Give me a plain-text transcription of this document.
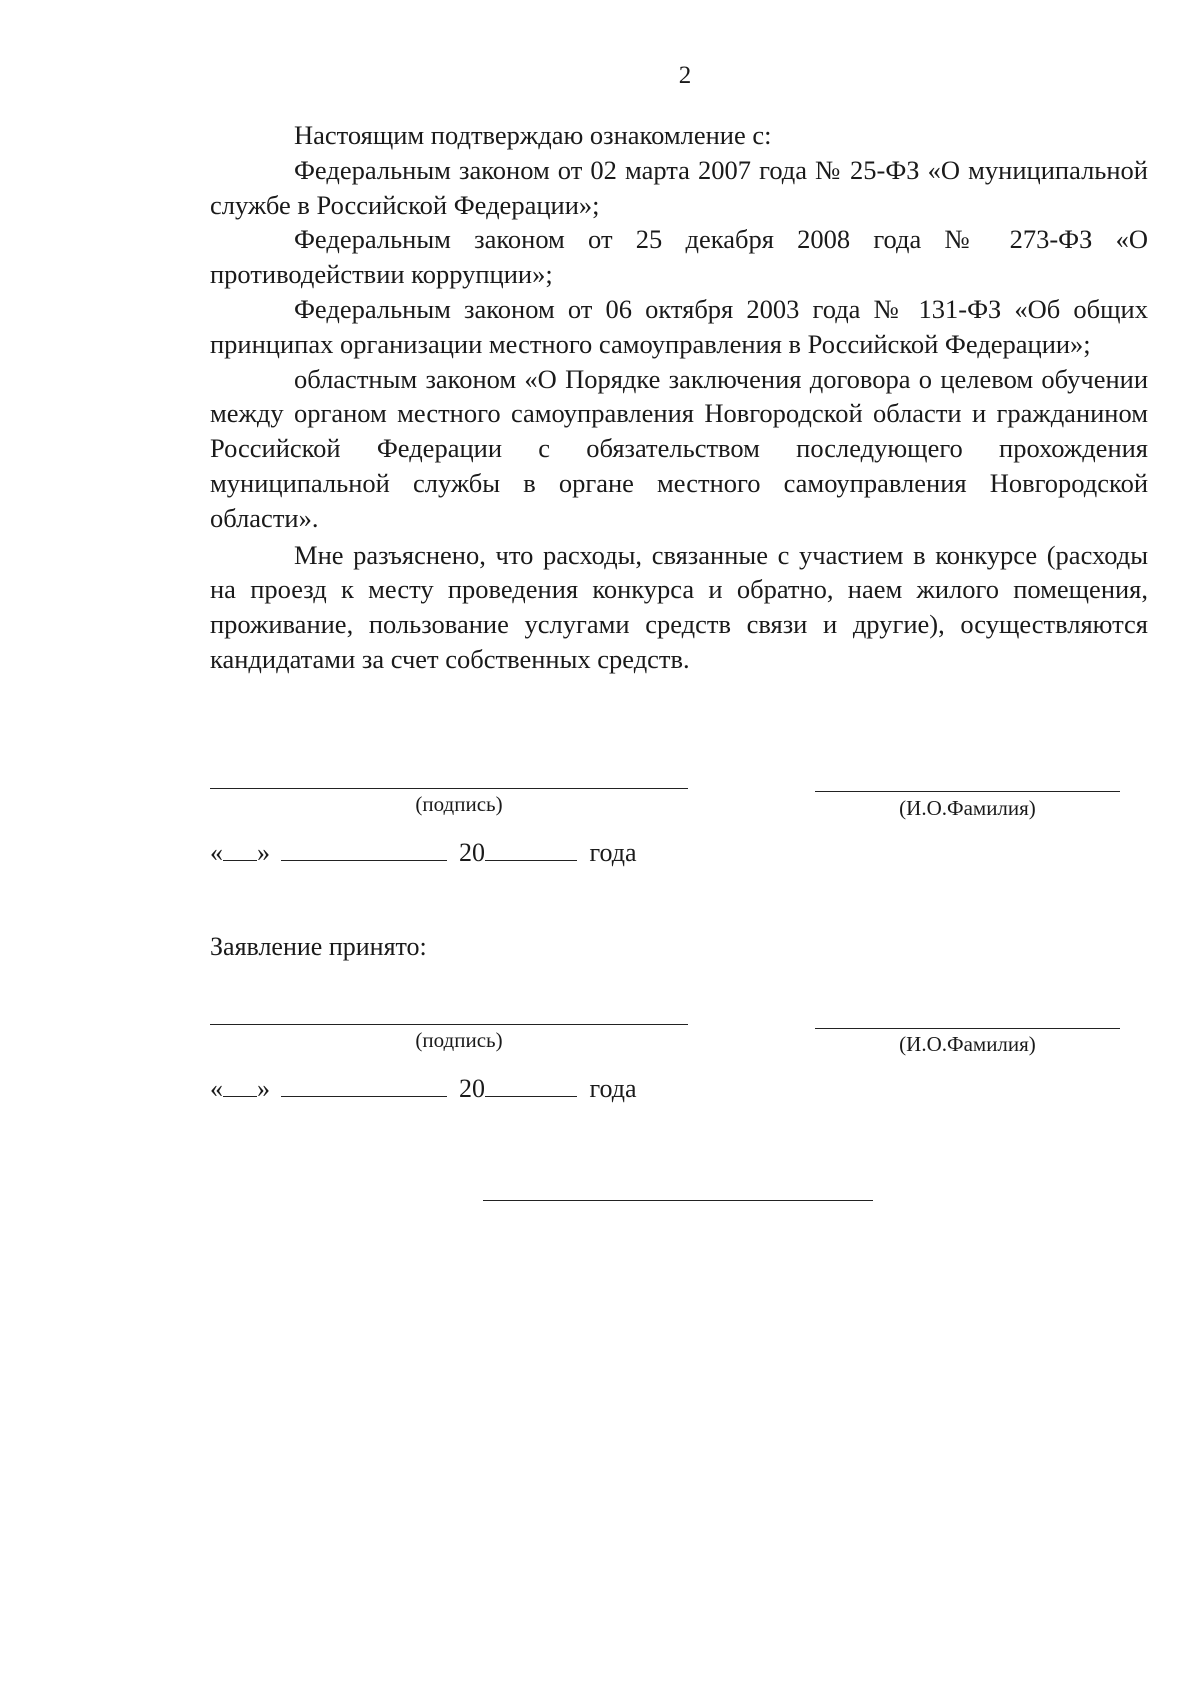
2

Настоящим подтверждаю ознакомление с:

Федеральным законом от 02 марта 2007 года № 25-ФЗ «О муниципальной службе в Российской Федерации»;

Федеральным законом от 25 декабря 2008 года № 273-ФЗ «О противодействии коррупции»;

Федеральным законом от 06 октября 2003 года № 131-ФЗ «Об общих принципах организации местного самоуправления в Российской Федерации»;

областным законом «О Порядке заключения договора о целевом обучении между органом местного самоуправления Новгородской области и гражданином Российской Федерации с обязательством последующего прохождения муниципальной службы в органе местного самоуправления Новгородской области».

Мне разъяснено, что расходы, связанные с участием в конкурсе (расходы на проезд к месту проведения конкурса и обратно, наем жилого помещения, проживание, пользование услугами средств связи и другие), осуществляются кандидатами за счет собственных средств.

(подпись)	(И.О.Фамилия)
« »	20	года
Заявление принято:
(подпись)	(И.О.Фамилия)
« »	20	года
